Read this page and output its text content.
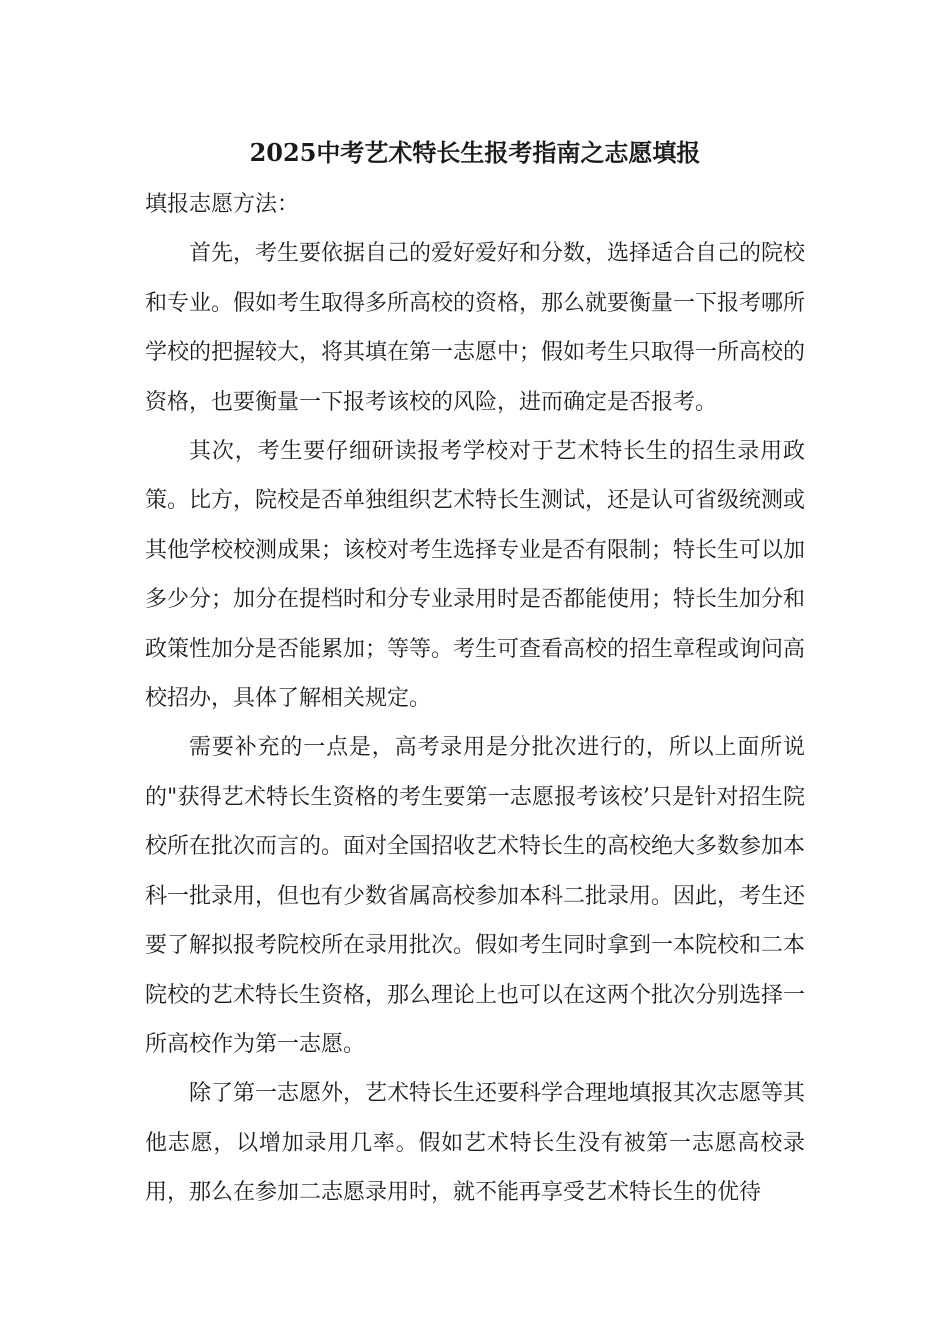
2025中考艺术特长生报考指南之志愿填报

填报志愿方法：

首先，考生要依据自己的爱好爱好和分数，选择适合自己的院校和专业。假如考生取得多所高校的资格，那么就要衡量一下报考哪所学校的把握较大，将其填在第一志愿中；假如考生只取得一所高校的资格，也要衡量一下报考该校的风险，进而确定是否报考。

其次，考生要仔细研读报考学校对于艺术特长生的招生录用政策。比方，院校是否单独组织艺术特长生测试，还是认可省级统测或其他学校校测成果；该校对考生选择专业是否有限制；特长生可以加多少分；加分在提档时和分专业录用时是否都能使用；特长生加分和政策性加分是否能累加；等等。考生可查看高校的招生章程或询问高校招办，具体了解相关规定。

需要补充的一点是，高考录用是分批次进行的，所以上面所说的"获得艺术特长生资格的考生要第一志愿报考该校’只是针对招生院校所在批次而言的。面对全国招收艺术特长生的高校绝大多数参加本科一批录用，但也有少数省属高校参加本科二批录用。因此，考生还要了解拟报考院校所在录用批次。假如考生同时拿到一本院校和二本院校的艺术特长生资格，那么理论上也可以在这两个批次分别选择一所高校作为第一志愿。

除了第一志愿外，艺术特长生还要科学合理地填报其次志愿等其他志愿，以增加录用几率。假如艺术特长生没有被第一志愿高校录用，那么在参加二志愿录用时，就不能再享受艺术特长生的优待
